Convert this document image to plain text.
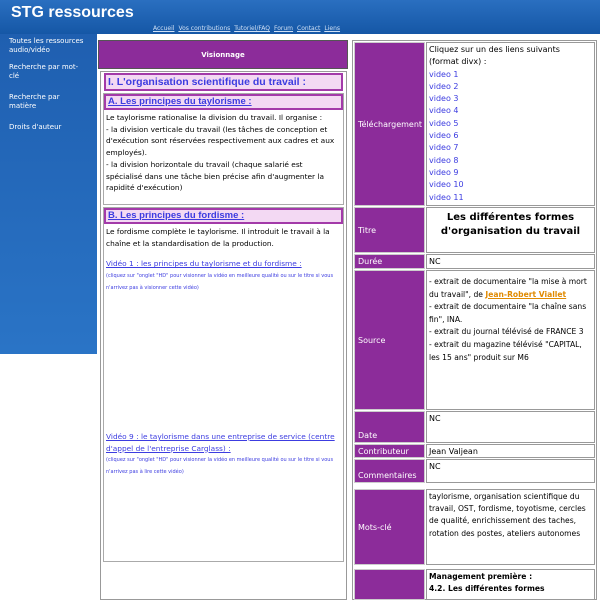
STG ressources
Accueil Vos contributions Tutoriel/FAQ Forum Contact Liens
Toutes les ressources audio/vidéo
Recherche par mot-clé
Recherche par matière
Droits d'auteur
Visionnage
I. L'organisation scientifique du travail :
A. Les principes du taylorisme :
Le taylorisme rationalise la division du travail. Il organise :
- la division verticale du travail (les tâches de conception et d'exécution sont réservées respectivement aux cadres et aux employés).
- la division horizontale du travail (chaque salarié est spécialisé dans une tâche bien précise afin d'augmenter la rapidité d'exécution)
B. Les principes du fordisme :
Le fordisme complète le taylorisme. Il introduit le travail à la chaîne et la standardisation de la production.
Vidéo 1 : les principes du taylorisme et du fordisme :
(cliquez sur "onglet "HD" pour visionner la vidéo en meilleure qualité ou sur le titre si vous n'arrivez pas à visionner cette vidéo)
Vidéo 9 : le taylorisme dans une entreprise de service (centre d'appel de l'entreprise Carglass) :
(cliquez sur "onglet "HD" pour visionner la vidéo en meilleure qualité ou sur le titre si vous n'arrivez pas à lire cette vidéo)
Téléchargement
Cliquez sur un des liens suivants (format divx) :
video 1
video 2
video 3
video 4
video 5
video 6
video 7
video 8
video 9
video 10
video 11
Titre
Les différentes formes d'organisation du travail
Durée	NC
Source
- extrait de documentaire "la mise à mort du travail", de Jean-Robert Viallet
- extrait de documentaire "la chaîne sans fin", INA.
- extrait du journal télévisé de FRANCE 3
- extrait du magazine télévisé "CAPITAL, les 15 ans" produit sur M6
Date
NC
Contributeur	Jean Valjean
Commentaires
NC
Mots-clé
taylorisme, organisation scientifique du travail, OST, fordisme, toyotisme, cercles de qualité, enrichissement des taches, rotation des postes, ateliers autonomes
Management première :
4.2. Les différentes formes
